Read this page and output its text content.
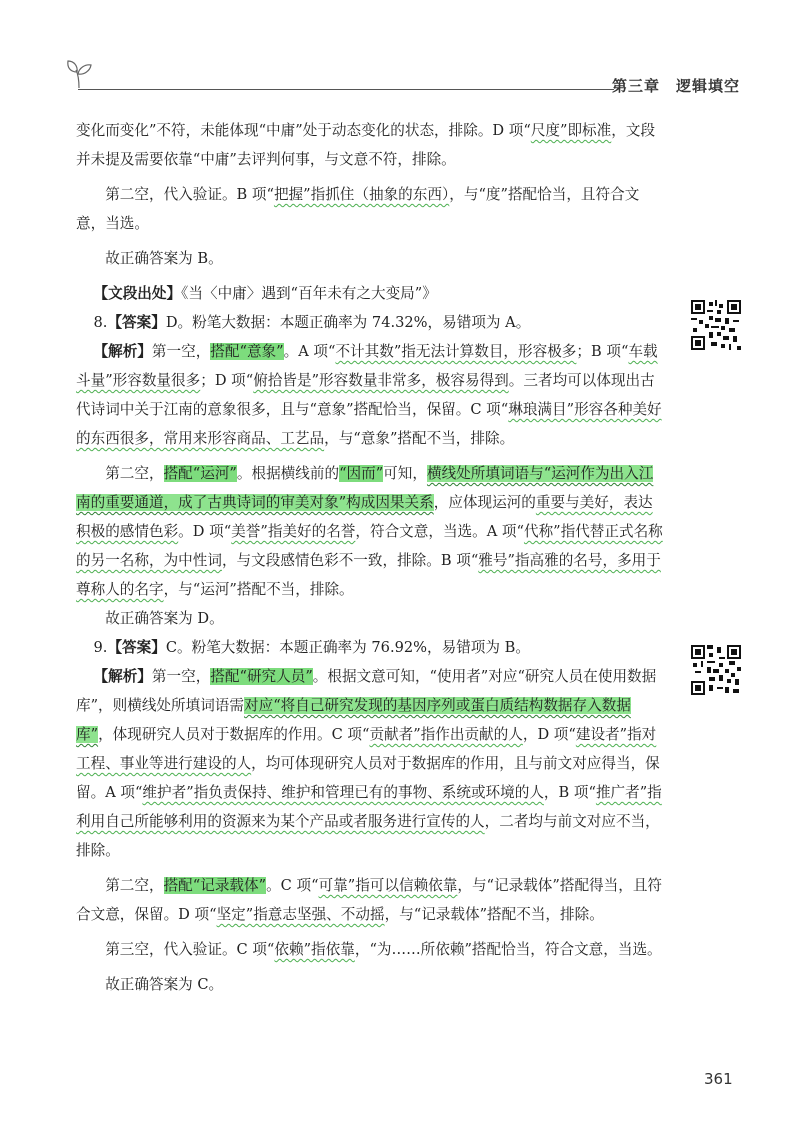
第三章　逻辑填空

变化而变化”不符，未能体现“中庸”处于动态变化的状态，排除。D 项“尺度”即标准，文段并未提及需要依靠“中庸”去评判何事，与文意不符，排除。

第二空，代入验证。B 项“把握”指抓住（抽象的东西），与“度”搭配恰当，且符合文意，当选。

故正确答案为 B。

【文段出处】《当〈中庸〉遇到“百年未有之大变局”》

8.【答案】D。粉笔大数据：本题正确率为 74.32%，易错项为 A。

【解析】第一空，搭配“意象”。A 项“不计其数”指无法计算数目，形容极多；B 项“车载斗量”形容数量很多；D 项“俯拾皆是”形容数量非常多，极容易得到。三者均可以体现出古代诗词中关于江南的意象很多，且与“意象”搭配恰当，保留。C 项“琳琅满目”形容各种美好的东西很多，常用来形容商品、工艺品，与“意象”搭配不当，排除。

第二空，搭配“运河”。根据横线前的“因而”可知，横线处所填词语与“运河作为出入江南的重要通道，成了古典诗词的审美对象”构成因果关系，应体现运河的重要与美好，表达积极的感情色彩。D 项“美誉”指美好的名誉，符合文意，当选。A 项“代称”指代替正式名称的另一名称，为中性词，与文段感情色彩不一致，排除。B 项“雅号”指高雅的名号，多用于尊称人的名字，与“运河”搭配不当，排除。

故正确答案为 D。

9.【答案】C。粉笔大数据：本题正确率为 76.92%，易错项为 B。

【解析】第一空，搭配“研究人员”。根据文意可知，“使用者”对应“研究人员在使用数据库”，则横线处所填词语需对应“将自己研究发现的基因序列或蛋白质结构数据存入数据库”，体现研究人员对于数据库的作用。C 项“贡献者”指作出贡献的人，D 项“建设者”指对工程、事业等进行建设的人，均可体现研究人员对于数据库的作用，且与前文对应得当，保留。A 项“维护者”指负责保持、维护和管理已有的事物、系统或环境的人，B 项“推广者”指利用自己所能够利用的资源来为某个产品或者服务进行宣传的人，二者均与前文对应不当，排除。

第二空，搭配“记录载体”。C 项“可靠”指可以信赖依靠，与“记录载体”搭配得当，且符合文意，保留。D 项“坚定”指意志坚强、不动摇，与“记录载体”搭配不当，排除。

第三空，代入验证。C 项“依赖”指依靠，“为……所依赖”搭配恰当，符合文意，当选。

故正确答案为 C。

361
